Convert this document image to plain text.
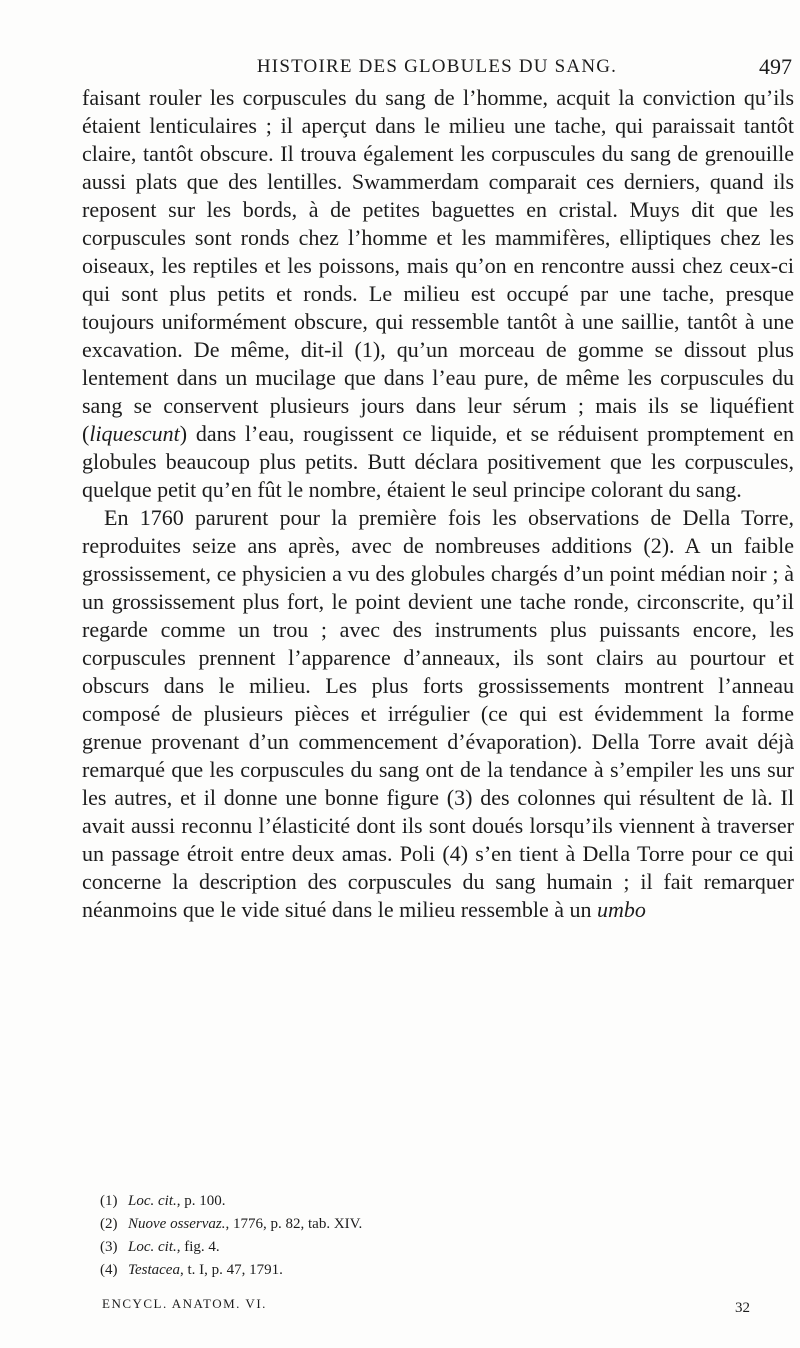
HISTOIRE DES GLOBULES DU SANG.	497

faisant rouler les corpuscules du sang de l’homme, acquit la conviction qu’ils étaient lenticulaires ; il aperçut dans le milieu une tache, qui paraissait tantôt claire, tantôt obscure. Il trouva également les corpuscules du sang de grenouille aussi plats que des lentilles. Swammerdam comparait ces derniers, quand ils reposent sur les bords, à de petites baguettes en cristal. Muys dit que les corpuscules sont ronds chez l’homme et les mammifères, elliptiques chez les oiseaux, les reptiles et les poissons, mais qu’on en rencontre aussi chez ceux-ci qui sont plus petits et ronds. Le milieu est occupé par une tache, presque toujours uniformément obscure, qui ressemble tantôt à une saillie, tantôt à une excavation. De même, dit-il (1), qu’un morceau de gomme se dissout plus lentement dans un mucilage que dans l’eau pure, de même les corpuscules du sang se conservent plusieurs jours dans leur sérum ; mais ils se liquéfient (liquescunt) dans l’eau, rougissent ce liquide, et se réduisent promptement en globules beaucoup plus petits. Butt déclara positivement que les corpuscules, quelque petit qu’en fût le nombre, étaient le seul principe colorant du sang.

En 1760 parurent pour la première fois les observations de Della Torre, reproduites seize ans après, avec de nombreuses additions (2). A un faible grossissement, ce physicien a vu des globules chargés d’un point médian noir ; à un grossissement plus fort, le point devient une tache ronde, circonscrite, qu’il regarde comme un trou ; avec des instruments plus puissants encore, les corpuscules prennent l’apparence d’anneaux, ils sont clairs au pourtour et obscurs dans le milieu. Les plus forts grossissements montrent l’anneau composé de plusieurs pièces et irrégulier (ce qui est évidemment la forme grenue provenant d’un commencement d’évaporation). Della Torre avait déjà remarqué que les corpuscules du sang ont de la tendance à s’empiler les uns sur les autres, et il donne une bonne figure (3) des colonnes qui résultent de là. Il avait aussi reconnu l’élasticité dont ils sont doués lorsqu’ils viennent à traverser un passage étroit entre deux amas. Poli (4) s’en tient à Della Torre pour ce qui concerne la description des corpuscules du sang humain ; il fait remarquer néanmoins que le vide situé dans le milieu ressemble à un umbo

(1) Loc. cit., p. 100.
(2) Nuove osservaz., 1776, p. 82, tab. XIV.
(3) Loc. cit., fig. 4.
(4) Testacea, t. I, p. 47, 1791.
ENCYCL. ANATOM. VI.	32
